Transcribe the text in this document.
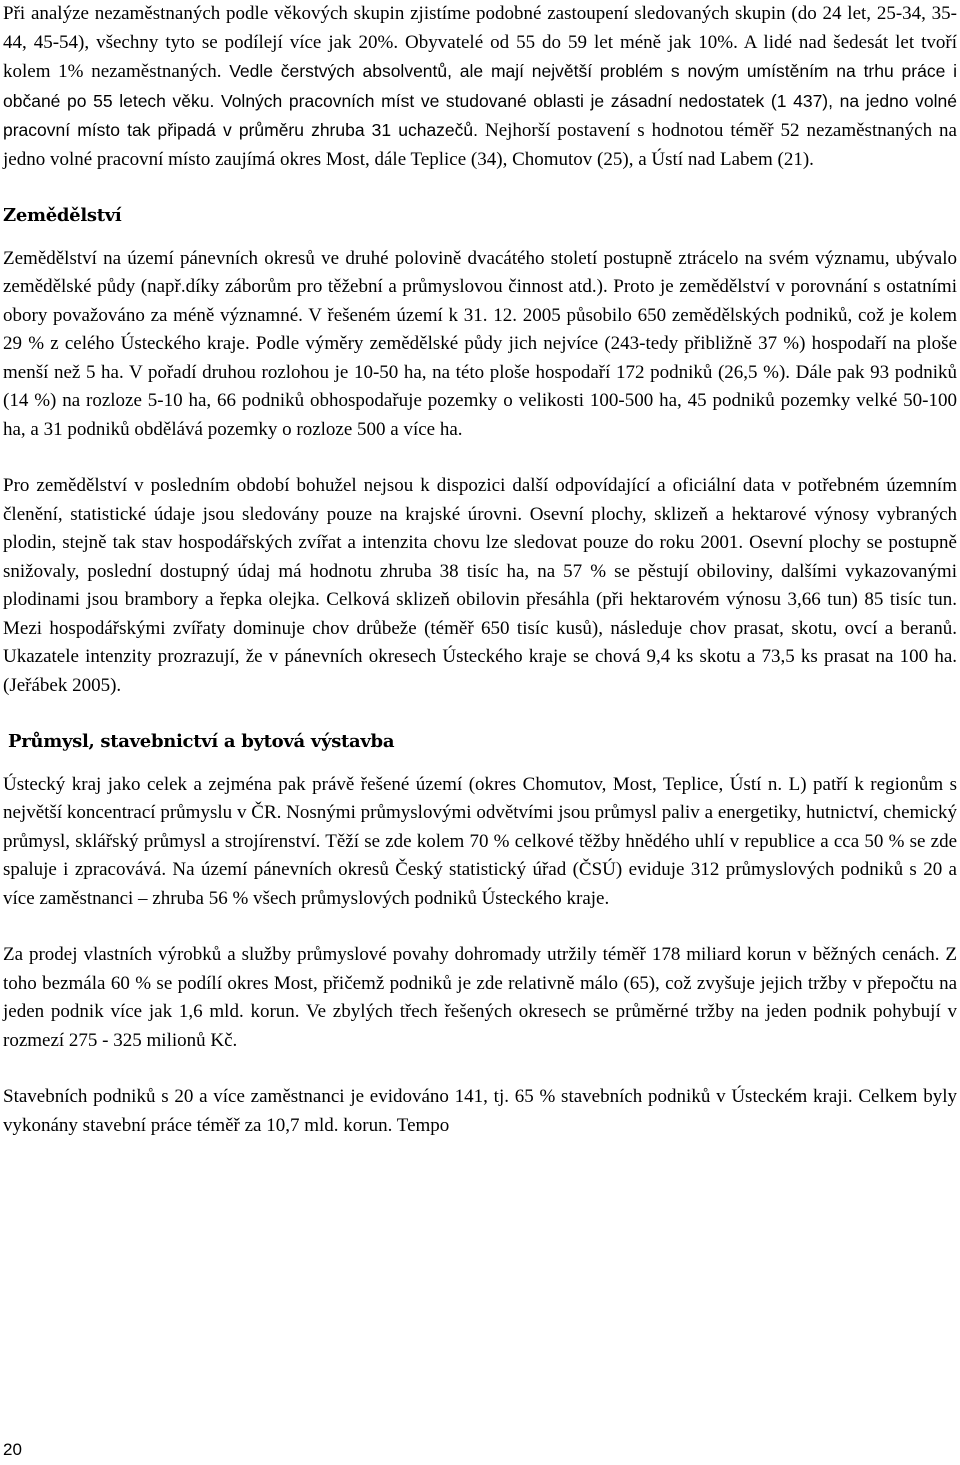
Při analýze nezaměstnaných podle věkových skupin zjistíme podobné zastoupení sledovaných skupin (do 24 let, 25-34, 35-44, 45-54), všechny tyto se podílejí více jak 20%. Obyvatelé od 55 do 59 let méně jak 10%. A lidé nad šedesát let tvoří kolem 1% nezaměstnaných. Vedle čerstvých absolventů, ale mají největší problém s novým umístěním na trhu práce i občané po 55 letech věku. Volných pracovních míst ve studované oblasti je zásadní nedostatek (1 437), na jedno volné pracovní místo tak připadá v průměru zhruba 31 uchazečů. Nejhorší postavení s hodnotou téměř 52 nezaměstnaných na jedno volné pracovní místo zaujímá okres Most, dále Teplice (34), Chomutov (25), a Ústí nad Labem (21).

Zemědělství

Zemědělství na území pánevních okresů ve druhé polovině dvacátého století postupně ztrácelo na svém významu, ubývalo zemědělské půdy (např.díky záborům pro těžební a průmyslovou činnost atd.). Proto je zemědělství v porovnání s ostatními obory považováno za méně významné. V řešeném území k 31. 12. 2005 působilo 650 zemědělských podniků, což je kolem 29 % z celého Ústeckého kraje. Podle výměry zemědělské půdy jich nejvíce (243-tedy přibližně 37 %) hospodaří na ploše menší než 5 ha. V pořadí druhou rozlohou je 10-50 ha, na této ploše hospodaří 172 podniků (26,5 %). Dále pak 93 podniků (14 %) na rozloze 5-10 ha, 66 podniků obhospodařuje pozemky o velikosti 100-500 ha, 45 podniků pozemky velké 50-100 ha, a 31 podniků obdělává pozemky o rozloze 500 a více ha.

Pro zemědělství v posledním období bohužel nejsou k dispozici další odpovídající a oficiální data v potřebném územním členění, statistické údaje jsou sledovány pouze na krajské úrovni. Osevní plochy, sklizeň a hektarové výnosy vybraných plodin, stejně tak stav hospodářských zvířat a intenzita chovu lze sledovat pouze do roku 2001. Osevní plochy se postupně snižovaly, poslední dostupný údaj má hodnotu zhruba 38 tisíc ha, na 57 % se pěstují obiloviny, dalšími vykazovanými plodinami jsou brambory a řepka olejka. Celková sklizeň obilovin přesáhla (při hektarovém výnosu 3,66 tun) 85 tisíc tun. Mezi hospodářskými zvířaty dominuje chov drůbeže (téměř 650 tisíc kusů), následuje chov prasat, skotu, ovcí a beranů. Ukazatele intenzity prozrazují, že v pánevních okresech Ústeckého kraje se chová 9,4 ks skotu a 73,5 ks prasat na 100 ha. (Jeřábek 2005).

Průmysl, stavebnictví a bytová výstavba

Ústecký kraj jako celek a zejména pak právě řešené území (okres Chomutov, Most, Teplice, Ústí n. L) patří k regionům s největší koncentrací průmyslu v ČR. Nosnými průmyslovými odvětvími jsou průmysl paliv a energetiky, hutnictví, chemický průmysl, sklářský průmysl a strojírenství. Těží se zde kolem 70 % celkové těžby hnědého uhlí v republice a cca 50 % se zde spaluje i zpracovává. Na území pánevních okresů Český statistický úřad (ČSÚ) eviduje 312 průmyslových podniků s 20 a více zaměstnanci – zhruba 56 % všech průmyslových podniků Ústeckého kraje.

Za prodej vlastních výrobků a služby průmyslové povahy dohromady utržily téměř 178 miliard korun v běžných cenách. Z toho bezmála 60 % se podílí okres Most, přičemž podniků je zde relativně málo (65), což zvyšuje jejich tržby v přepočtu na jeden podnik více jak 1,6 mld. korun. Ve zbylých třech řešených okresech se průměrné tržby na jeden podnik pohybují v rozmezí 275 - 325 milionů Kč.

Stavebních podniků s 20 a více zaměstnanci je evidováno 141, tj. 65 % stavebních podniků v Ústeckém kraji. Celkem byly vykonány stavební práce téměř za 10,7 mld. korun. Tempo

20
